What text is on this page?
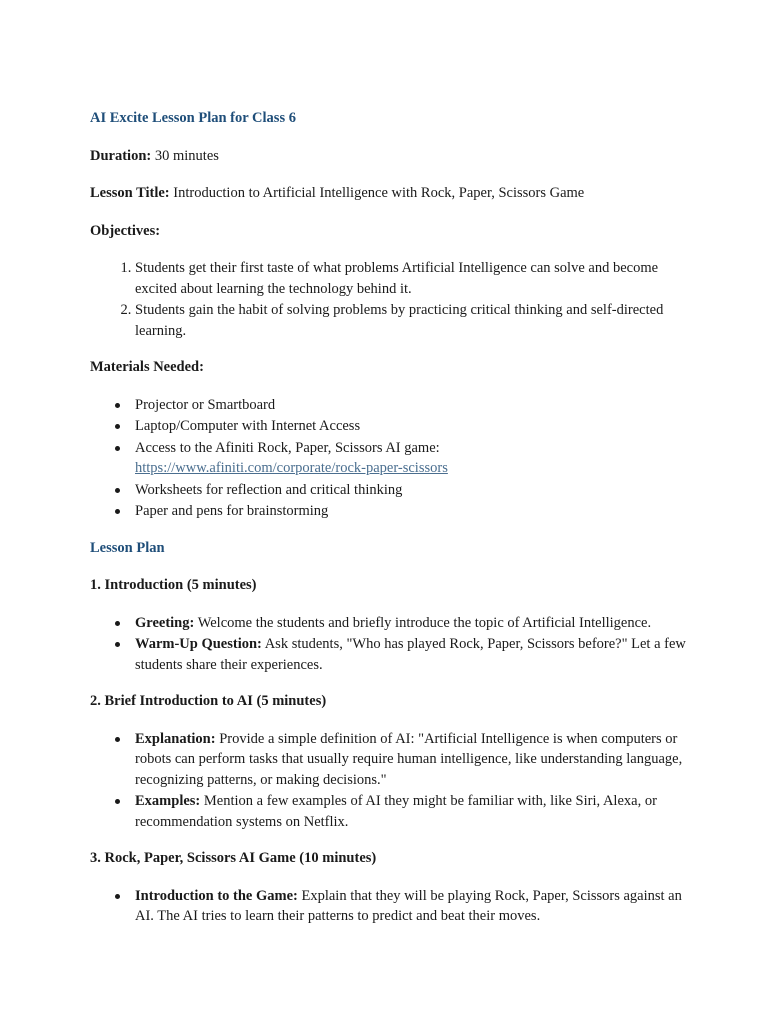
AI Excite Lesson Plan for Class 6

Duration: 30 minutes

Lesson Title: Introduction to Artificial Intelligence with Rock, Paper, Scissors Game

Objectives:

1. Students get their first taste of what problems Artificial Intelligence can solve and become excited about learning the technology behind it.
2. Students gain the habit of solving problems by practicing critical thinking and self-directed learning.

Materials Needed:

Projector or Smartboard
Laptop/Computer with Internet Access
Access to the Afiniti Rock, Paper, Scissors AI game:
https://www.afiniti.com/corporate/rock-paper-scissors
Worksheets for reflection and critical thinking
Paper and pens for brainstorming
Lesson Plan

1. Introduction (5 minutes)

Greeting: Welcome the students and briefly introduce the topic of Artificial Intelligence.
Warm-Up Question: Ask students, "Who has played Rock, Paper, Scissors before?" Let a few students share their experiences.

2. Brief Introduction to AI (5 minutes)

Explanation: Provide a simple definition of AI: "Artificial Intelligence is when computers or robots can perform tasks that usually require human intelligence, like understanding language, recognizing patterns, or making decisions."
Examples: Mention a few examples of AI they might be familiar with, like Siri, Alexa, or recommendation systems on Netflix.

3. Rock, Paper, Scissors AI Game (10 minutes)

Introduction to the Game: Explain that they will be playing Rock, Paper, Scissors against an AI. The AI tries to learn their patterns to predict and beat their moves.
